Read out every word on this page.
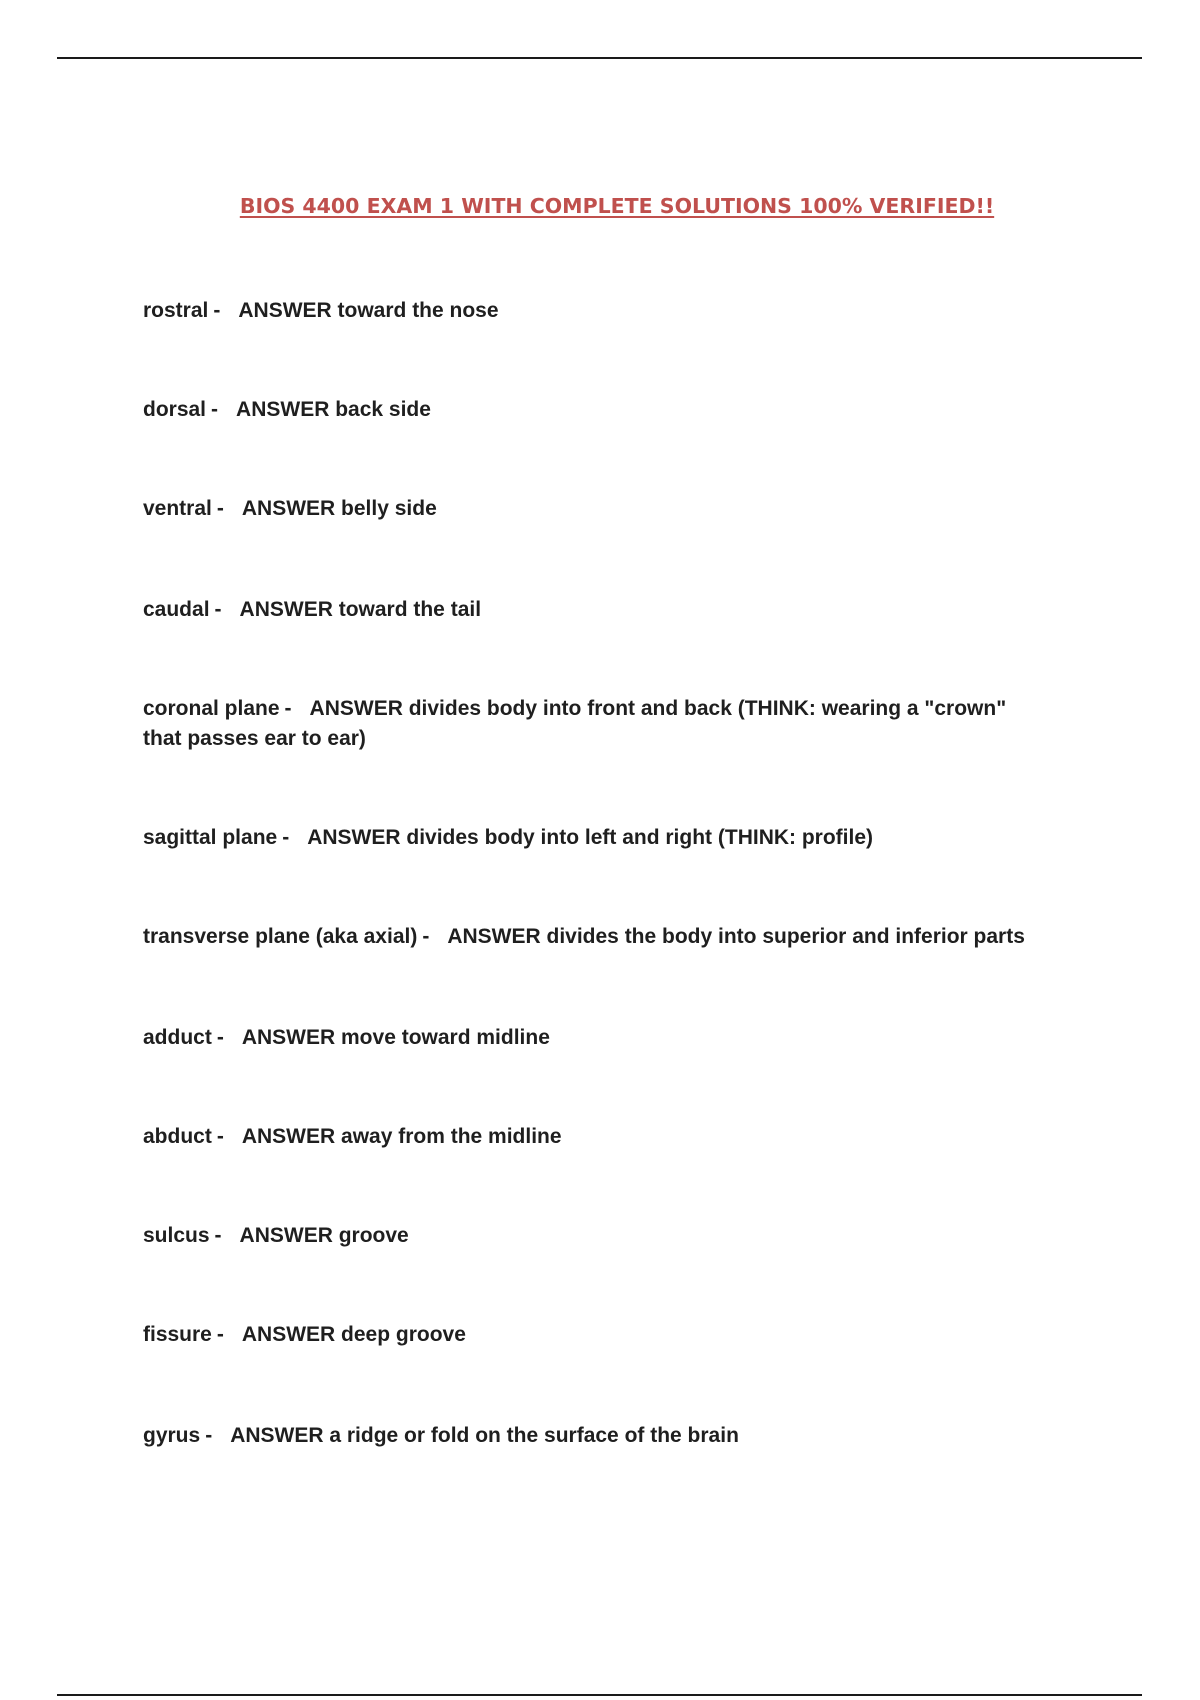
BIOS 4400 EXAM 1 WITH COMPLETE SOLUTIONS 100% VERIFIED!!
rostral - ANSWER toward the nose
dorsal - ANSWER back side
ventral - ANSWER belly side
caudal - ANSWER toward the tail
coronal plane - ANSWER divides body into front and back (THINK: wearing a "crown"
that passes ear to ear)
sagittal plane - ANSWER divides body into left and right (THINK: profile)
transverse plane (aka axial) - ANSWER divides the body into superior and inferior parts
adduct - ANSWER move toward midline
abduct - ANSWER away from the midline
sulcus - ANSWER groove
fissure - ANSWER deep groove
gyrus - ANSWER a ridge or fold on the surface of the brain
